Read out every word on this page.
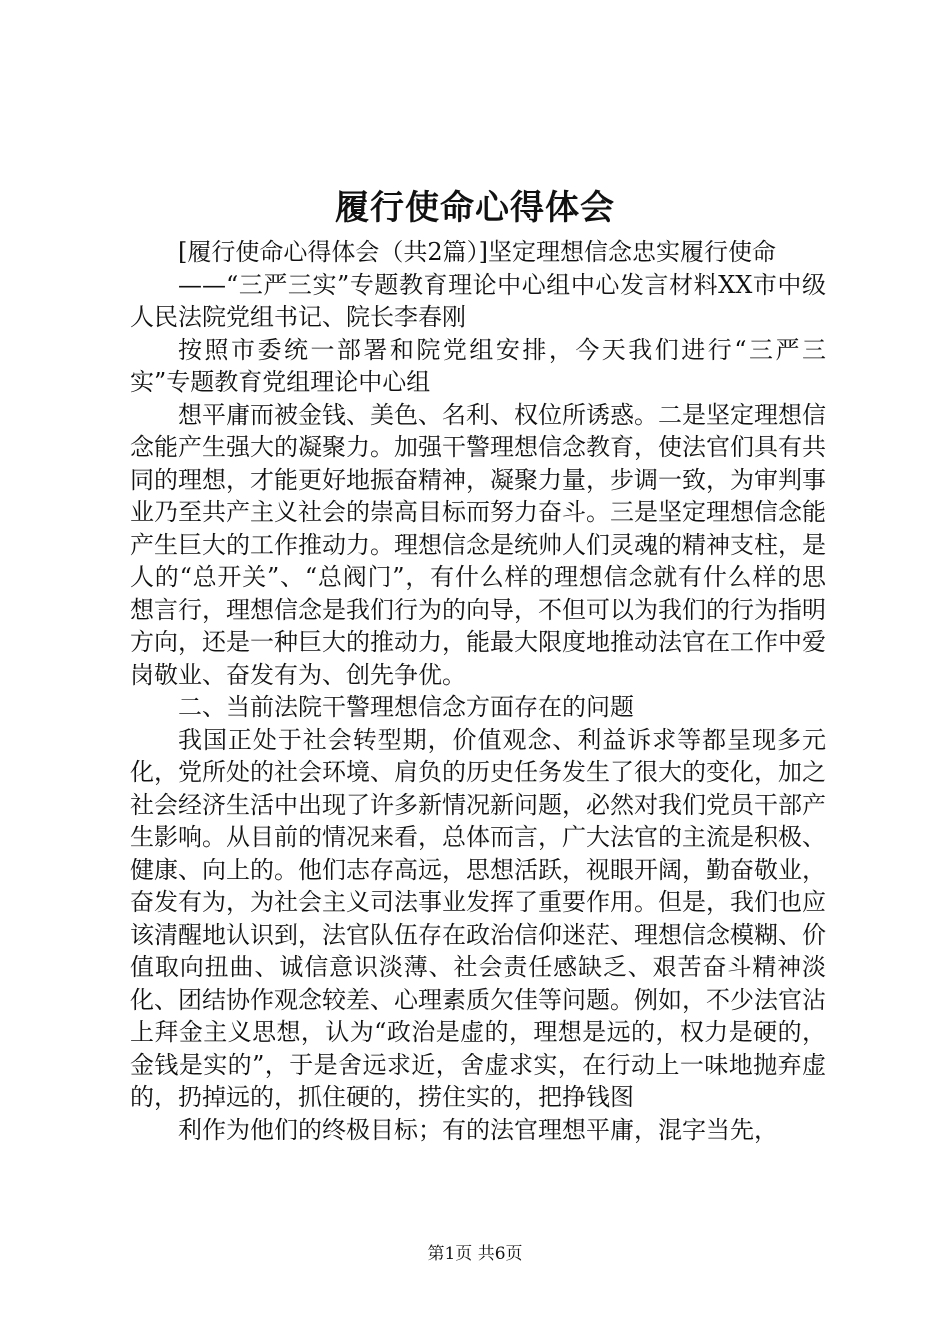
履行使命心得体会

[履行使命心得体会（共2篇）]坚定理想信念忠实履行使命

——“三严三实”专题教育理论中心组中心发言材料XX市中级人民法院党组书记、院长李春刚

按照市委统一部署和院党组安排，今天我们进行“三严三实”专题教育党组理论中心组

想平庸而被金钱、美色、名利、权位所诱惑。二是坚定理想信念能产生强大的凝聚力。加强干警理想信念教育，使法官们具有共同的理想，才能更好地振奋精神，凝聚力量，步调一致，为审判事业乃至共产主义社会的崇高目标而努力奋斗。三是坚定理想信念能产生巨大的工作推动力。理想信念是统帅人们灵魂的精神支柱，是人的“总开关”、“总阀门”，有什么样的理想信念就有什么样的思想言行，理想信念是我们行为的向导，不但可以为我们的行为指明方向，还是一种巨大的推动力，能最大限度地推动法官在工作中爱岗敬业、奋发有为、创先争优。

二、当前法院干警理想信念方面存在的问题

我国正处于社会转型期，价值观念、利益诉求等都呈现多元化，党所处的社会环境、肩负的历史任务发生了很大的变化，加之社会经济生活中出现了许多新情况新问题，必然对我们党员干部产生影响。从目前的情况来看，总体而言，广大法官的主流是积极、健康、向上的。他们志存高远，思想活跃，视眼开阔，勤奋敬业，奋发有为，为社会主义司法事业发挥了重要作用。但是，我们也应该清醒地认识到，法官队伍存在政治信仰迷茫、理想信念模糊、价值取向扭曲、诚信意识淡薄、社会责任感缺乏、艰苦奋斗精神淡化、团结协作观念较差、心理素质欠佳等问题。例如，不少法官沾上拜金主义思想，认为“政治是虚的，理想是远的，权力是硬的，金钱是实的”，于是舍远求近，舍虚求实，在行动上一味地抛弃虚的，扔掉远的，抓住硬的，捞住实的，把挣钱图

利作为他们的终极目标；有的法官理想平庸，混字当先，

第1页 共6页
